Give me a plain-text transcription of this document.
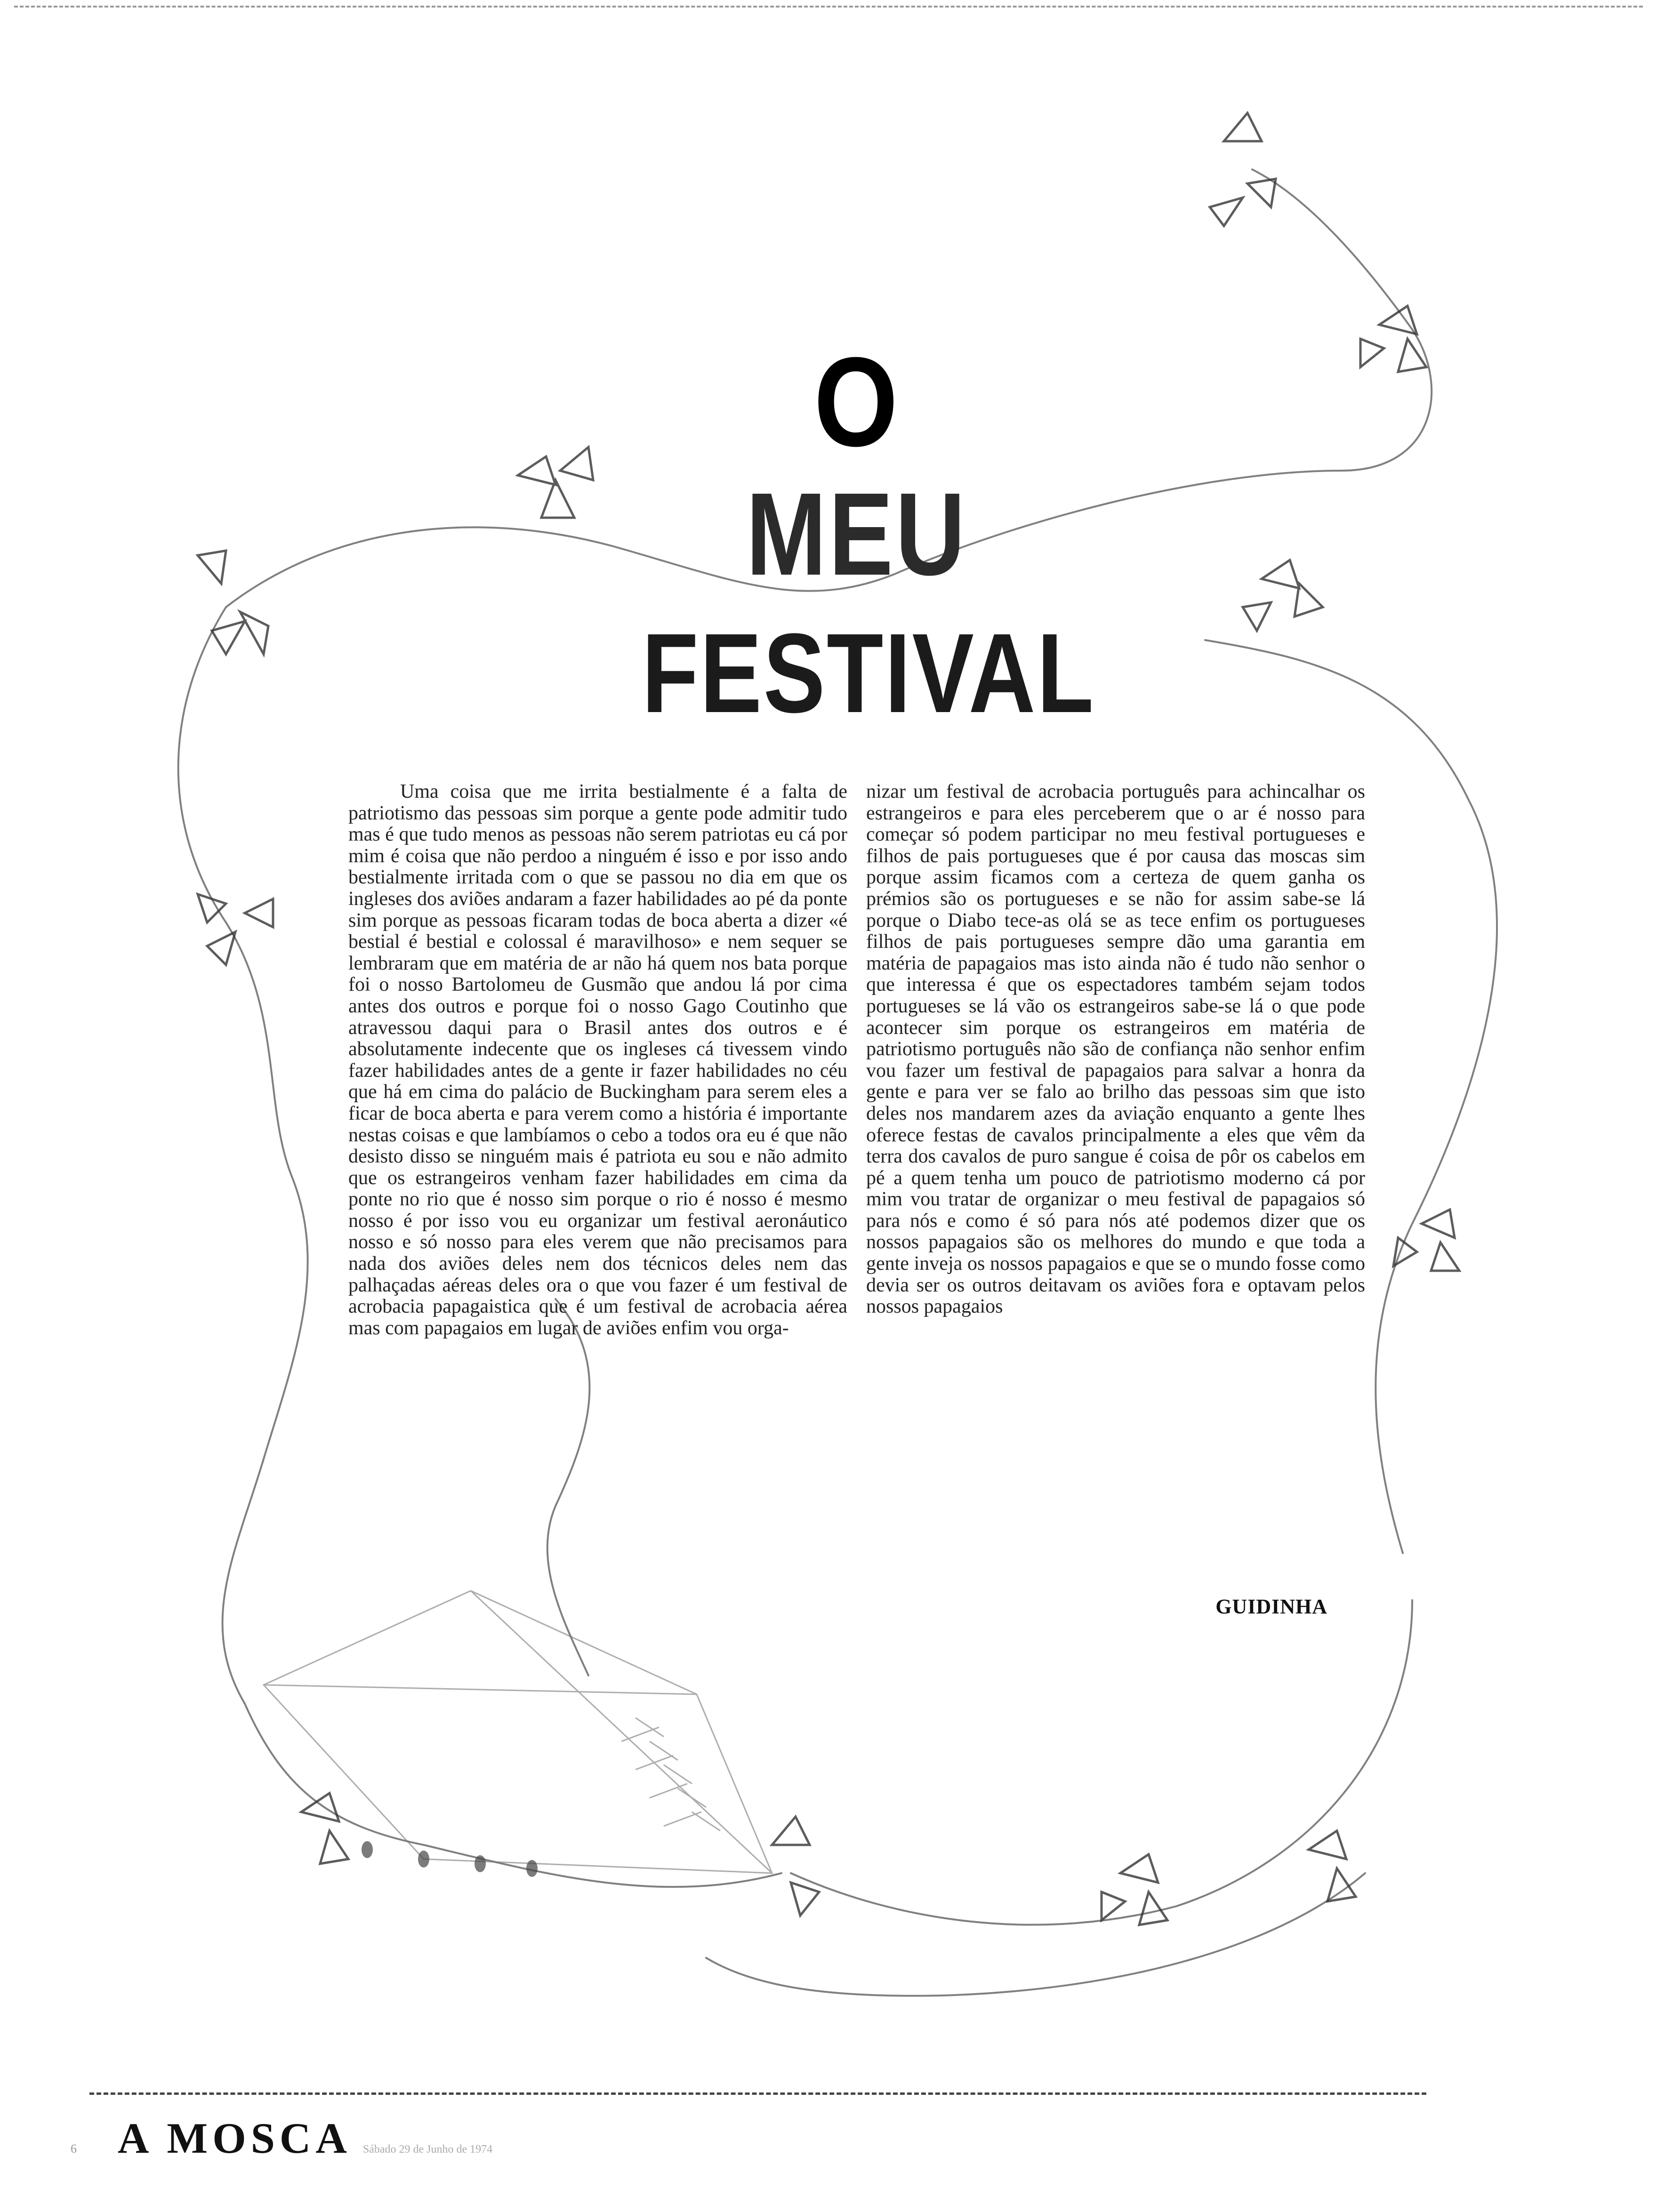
O
MEU
FESTIVAL

Uma coisa que me irrita bestialmente é a falta de patriotismo das pessoas sim porque a gente pode admitir tudo mas é que tudo menos as pessoas não serem patriotas eu cá por mim é coisa que não perdoo a ninguém é isso e por isso ando bestialmente irritada com o que se passou no dia em que os ingleses dos aviões andaram a fazer habilidades ao pé da ponte sim porque as pessoas ficaram todas de boca aberta a dizer «é bestial é bestial e colossal é maravilhoso» e nem sequer se lembraram que em matéria de ar não há quem nos bata porque foi o nosso Bartolomeu de Gusmão que andou lá por cima antes dos outros e porque foi o nosso Gago Coutinho que atravessou daqui para o Brasil antes dos outros e é absolutamente indecente que os ingleses cá tivessem vindo fazer habilidades antes de a gente ir fazer habilidades no céu que há em cima do palácio de Buckingham para serem eles a ficar de boca aberta e para verem como a história é importante nestas coisas e que lambíamos o cebo a todos ora eu é que não desisto disso se ninguém mais é patriota eu sou e não admito que os estrangeiros venham fazer habilidades em cima da ponte no rio que é nosso sim porque o rio é nosso é mesmo nosso é por isso vou eu organizar um festival aeronáutico nosso e só nosso para eles verem que não precisamos para nada dos aviões deles nem dos técnicos deles nem das palhaçadas aéreas deles ora o que vou fazer é um festival de acrobacia papagaistica que é um festival de acrobacia aérea mas com papagaios em lugar de aviões enfim vou orga-

nizar um festival de acrobacia português para achincalhar os estrangeiros e para eles perceberem que o ar é nosso para começar só podem participar no meu festival portugueses e filhos de pais portugueses que é por causa das moscas sim porque assim ficamos com a certeza de quem ganha os prémios são os portugueses e se não for assim sabe-se lá porque o Diabo tece-as olá se as tece enfim os portugueses filhos de pais portugueses sempre dão uma garantia em matéria de papagaios mas isto ainda não é tudo não senhor o que interessa é que os espectadores também sejam todos portugueses se lá vão os estrangeiros sabe-se lá o que pode acontecer sim porque os estrangeiros em matéria de patriotismo português não são de confiança não senhor enfim vou fazer um festival de papagaios para salvar a honra da gente e para ver se falo ao brilho das pessoas sim que isto deles nos mandarem azes da aviação enquanto a gente lhes oferece festas de cavalos principalmente a eles que vêm da terra dos cavalos de puro sangue é coisa de pôr os cabelos em pé a quem tenha um pouco de patriotismo moderno cá por mim vou tratar de organizar o meu festival de papagaios só para nós e como é só para nós até podemos dizer que os nossos papagaios são os melhores do mundo e que toda a gente inveja os nossos papagaios e que se o mundo fosse como devia ser os outros deitavam os aviões fora e optavam pelos nossos papagaios

GUIDINHA
6 A MOSCA Sábado 29 de Junho de 1974
